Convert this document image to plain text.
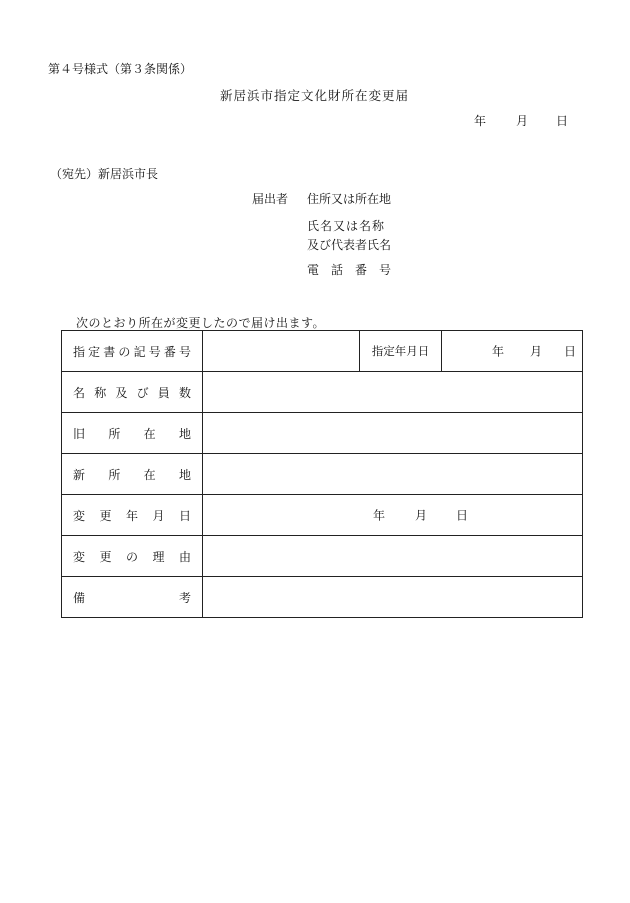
第４号様式（第３条関係）
新居浜市指定文化財所在変更届
年 月 日
（宛先）新居浜市長
届出者 住所又は所在地
氏名又は名称
及び代表者氏名
電　話　番　号
次のとおり所在が変更したので届け出ます。
指定書の記号番号		指定年月日	年 月 日

名称及び員数			
旧所在地			
新所在地			
変更年月日	年 月 日		

変更の理由			
備考			
